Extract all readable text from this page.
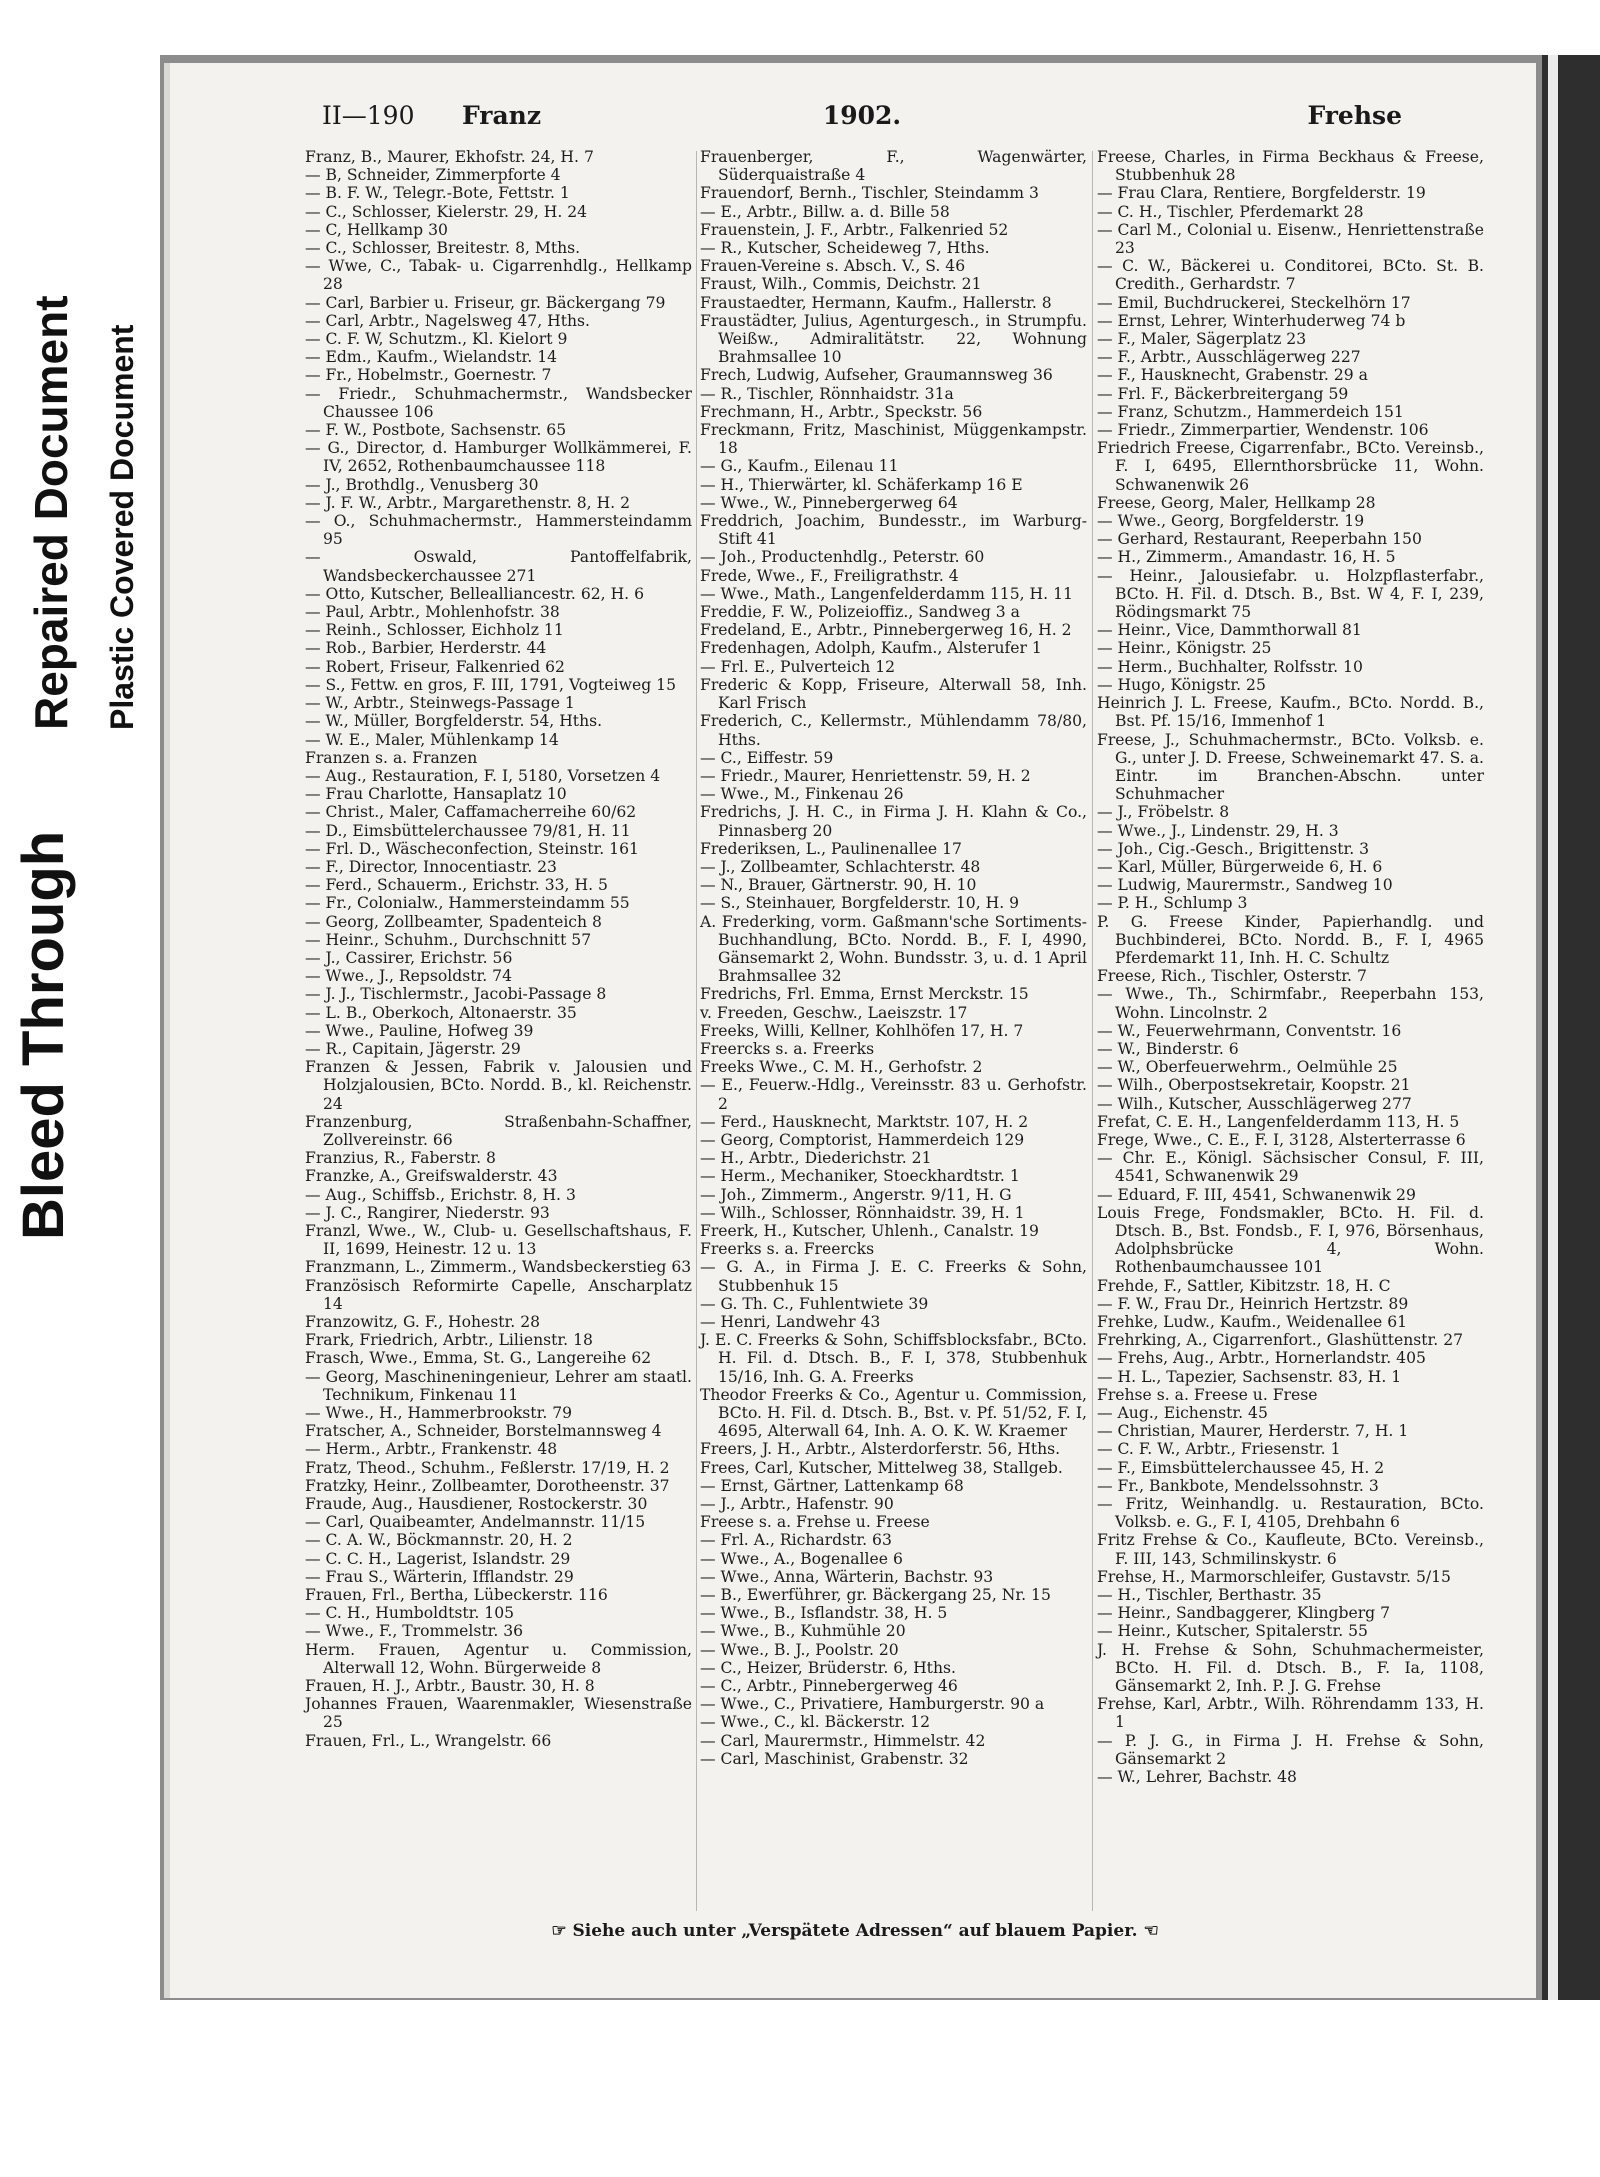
Bleed Through
Repaired Document Plastic Covered Document
II—190 Franz	1902.	Frehse

Franz, B., Maurer, Ekhofstr. 24, H. 7

— B, Schneider, Zimmerpforte 4

— B. F. W., Telegr.-Bote, Fettstr. 1

— C., Schlosser, Kielerstr. 29, H. 24

— C, Hellkamp 30

— C., Schlosser, Breitestr. 8, Mths.

— Wwe, C., Tabak- u. Cigarrenhdlg., Hellkamp 28

— Carl, Barbier u. Friseur, gr. Bäckergang 79

— Carl, Arbtr., Nagelsweg 47, Hths.

— C. F. W, Schutzm., Kl. Kielort 9

— Edm., Kaufm., Wielandstr. 14

— Fr., Hobelmstr., Goernestr. 7

— Friedr., Schuhmachermstr., Wandsbecker Chaussee 106

— F. W., Postbote, Sachsenstr. 65

— G., Director, d. Hamburger Wollkämmerei, F. IV, 2652, Rothenbaumchaussee 118

— J., Brothdlg., Venusberg 30

— J. F. W., Arbtr., Margarethenstr. 8, H. 2

— O., Schuhmachermstr., Hammersteindamm 95

— Oswald, Pantoffelfabrik, Wandsbeckerchaussee 271

— Otto, Kutscher, Bellealliancestr. 62, H. 6

— Paul, Arbtr., Mohlenhofstr. 38

— Reinh., Schlosser, Eichholz 11

— Rob., Barbier, Herderstr. 44

— Robert, Friseur, Falkenried 62

— S., Fettw. en gros, F. III, 1791, Vogteiweg 15

— W., Arbtr., Steinwegs-Passage 1

— W., Müller, Borgfelderstr. 54, Hths.

— W. E., Maler, Mühlenkamp 14

Franzen s. a. Franzen

— Aug., Restauration, F. I, 5180, Vorsetzen 4

— Frau Charlotte, Hansaplatz 10

— Christ., Maler, Caffamacherreihe 60/62

— D., Eimsbüttelerchaussee 79/81, H. 11

— Frl. D., Wäscheconfection, Steinstr. 161

— F., Director, Innocentiastr. 23

— Ferd., Schauerm., Erichstr. 33, H. 5

— Fr., Colonialw., Hammersteindamm 55

— Georg, Zollbeamter, Spadenteich 8

— Heinr., Schuhm., Durchschnitt 57

— J., Cassirer, Erichstr. 56

— Wwe., J., Repsoldstr. 74

— J. J., Tischlermstr., Jacobi-Passage 8

— L. B., Oberkoch, Altonaerstr. 35

— Wwe., Pauline, Hofweg 39

— R., Capitain, Jägerstr. 29

Franzen & Jessen, Fabrik v. Jalousien und Holzjalousien, BCto. Nordd. B., kl. Reichenstr. 24

Franzenburg, Straßenbahn-Schaffner, Zollvereinstr. 66

Franzius, R., Faberstr. 8

Franzke, A., Greifswalderstr. 43

— Aug., Schiffsb., Erichstr. 8, H. 3

— J. C., Rangirer, Niederstr. 93

Franzl, Wwe., W., Club- u. Gesellschaftshaus, F. II, 1699, Heinestr. 12 u. 13

Franzmann, L., Zimmerm., Wandsbeckerstieg 63

Französisch Reformirte Capelle, Anscharplatz 14

Franzowitz, G. F., Hohestr. 28

Frark, Friedrich, Arbtr., Lilienstr. 18

Frasch, Wwe., Emma, St. G., Langereihe 62

— Georg, Maschineningenieur, Lehrer am staatl. Technikum, Finkenau 11

— Wwe., H., Hammerbrookstr. 79

Fratscher, A., Schneider, Borstelmannsweg 4

— Herm., Arbtr., Frankenstr. 48

Fratz, Theod., Schuhm., Feßlerstr. 17/19, H. 2

Fratzky, Heinr., Zollbeamter, Dorotheenstr. 37

Fraude, Aug., Hausdiener, Rostockerstr. 30

— Carl, Quaibeamter, Andelmannstr. 11/15

— C. A. W., Böckmannstr. 20, H. 2

— C. C. H., Lagerist, Islandstr. 29

— Frau S., Wärterin, Ifflandstr. 29

Frauen, Frl., Bertha, Lübeckerstr. 116

— C. H., Humboldtstr. 105

— Wwe., F., Trommelstr. 36

Herm. Frauen, Agentur u. Commission, Alterwall 12, Wohn. Bürgerweide 8

Frauen, H. J., Arbtr., Baustr. 30, H. 8

Johannes Frauen, Waarenmakler, Wiesenstraße 25

Frauen, Frl., L., Wrangelstr. 66

Frauenberger, F., Wagenwärter, Süderquaistraße 4

Frauendorf, Bernh., Tischler, Steindamm 3

— E., Arbtr., Billw. a. d. Bille 58

Frauenstein, J. F., Arbtr., Falkenried 52

— R., Kutscher, Scheideweg 7, Hths.

Frauen-Vereine s. Absch. V., S. 46

Fraust, Wilh., Commis, Deichstr. 21

Fraustaedter, Hermann, Kaufm., Hallerstr. 8

Fraustädter, Julius, Agenturgesch., in Strumpfu. Weißw., Admiralitätstr. 22, Wohnung Brahmsallee 10

Frech, Ludwig, Aufseher, Graumannsweg 36

— R., Tischler, Rönnhaidstr. 31a

Frechmann, H., Arbtr., Speckstr. 56

Freckmann, Fritz, Maschinist, Müggenkampstr. 18

— G., Kaufm., Eilenau 11

— H., Thierwärter, kl. Schäferkamp 16 E

— Wwe., W., Pinnebergerweg 64

Freddrich, Joachim, Bundesstr., im Warburg-Stift 41

— Joh., Productenhdlg., Peterstr. 60

Frede, Wwe., F., Freiligrathstr. 4

— Wwe., Math., Langenfelderdamm 115, H. 11

Freddie, F. W., Polizeioffiz., Sandweg 3 a

Fredeland, E., Arbtr., Pinnebergerweg 16, H. 2

Fredenhagen, Adolph, Kaufm., Alsterufer 1

— Frl. E., Pulverteich 12

Frederic & Kopp, Friseure, Alterwall 58, Inh. Karl Frisch

Frederich, C., Kellermstr., Mühlendamm 78/80, Hths.

— C., Eiffestr. 59

— Friedr., Maurer, Henriettenstr. 59, H. 2

— Wwe., M., Finkenau 26

Fredrichs, J. H. C., in Firma J. H. Klahn & Co., Pinnasberg 20

Frederiksen, L., Paulinenallee 17

— J., Zollbeamter, Schlachterstr. 48

— N., Brauer, Gärtnerstr. 90, H. 10

— S., Steinhauer, Borgfelderstr. 10, H. 9

A. Frederking, vorm. Gaßmann'sche Sortiments-Buchhandlung, BCto. Nordd. B., F. I, 4990, Gänsemarkt 2, Wohn. Bundsstr. 3, u. d. 1 April Brahmsallee 32

Fredrichs, Frl. Emma, Ernst Merckstr. 15

v. Freeden, Geschw., Laeiszstr. 17

Freeks, Willi, Kellner, Kohlhöfen 17, H. 7

Freercks s. a. Freerks

Freeks Wwe., C. M. H., Gerhofstr. 2

— E., Feuerw.-Hdlg., Vereinsstr. 83 u. Gerhofstr. 2

— Ferd., Hausknecht, Marktstr. 107, H. 2

— Georg, Comptorist, Hammerdeich 129

— H., Arbtr., Diederichstr. 21

— Herm., Mechaniker, Stoeckhardtstr. 1

— Joh., Zimmerm., Angerstr. 9/11, H. G

— Wilh., Schlosser, Rönnhaidstr. 39, H. 1

Freerk, H., Kutscher, Uhlenh., Canalstr. 19

Freerks s. a. Freercks

— G. A., in Firma J. E. C. Freerks & Sohn, Stubbenhuk 15

— G. Th. C., Fuhlentwiete 39

— Henri, Landwehr 43

J. E. C. Freerks & Sohn, Schiffsblocksfabr., BCto. H. Fil. d. Dtsch. B., F. I, 378, Stubbenhuk 15/16, Inh. G. A. Freerks

Theodor Freerks & Co., Agentur u. Commission, BCto. H. Fil. d. Dtsch. B., Bst. v. Pf. 51/52, F. I, 4695, Alterwall 64, Inh. A. O. K. W. Kraemer

Freers, J. H., Arbtr., Alsterdorferstr. 56, Hths.

Frees, Carl, Kutscher, Mittelweg 38, Stallgeb.

— Ernst, Gärtner, Lattenkamp 68

— J., Arbtr., Hafenstr. 90

Freese s. a. Frehse u. Freese

— Frl. A., Richardstr. 63

— Wwe., A., Bogenallee 6

— Wwe., Anna, Wärterin, Bachstr. 93

— B., Ewerführer, gr. Bäckergang 25, Nr. 15

— Wwe., B., Isflandstr. 38, H. 5

— Wwe., B., Kuhmühle 20

— Wwe., B. J., Poolstr. 20

— C., Heizer, Brüderstr. 6, Hths.

— C., Arbtr., Pinnebergerweg 46

— Wwe., C., Privatiere, Hamburgerstr. 90 a

— Wwe., C., kl. Bäckerstr. 12

— Carl, Maurermstr., Himmelstr. 42

— Carl, Maschinist, Grabenstr. 32

Freese, Charles, in Firma Beckhaus & Freese, Stubbenhuk 28

— Frau Clara, Rentiere, Borgfelderstr. 19

— C. H., Tischler, Pferdemarkt 28

— Carl M., Colonial u. Eisenw., Henriettenstraße 23

— C. W., Bäckerei u. Conditorei, BCto. St. B. Credith., Gerhardstr. 7

— Emil, Buchdruckerei, Steckelhörn 17

— Ernst, Lehrer, Winterhuderweg 74 b

— F., Maler, Sägerplatz 23

— F., Arbtr., Ausschlägerweg 227

— F., Hausknecht, Grabenstr. 29 a

— Frl. F., Bäckerbreitergang 59

— Franz, Schutzm., Hammerdeich 151

— Friedr., Zimmerpartier, Wendenstr. 106

Friedrich Freese, Cigarrenfabr., BCto. Vereinsb., F. I, 6495, Ellernthorsbrücke 11, Wohn. Schwanenwik 26

Freese, Georg, Maler, Hellkamp 28

— Wwe., Georg, Borgfelderstr. 19

— Gerhard, Restaurant, Reeperbahn 150

— H., Zimmerm., Amandastr. 16, H. 5

— Heinr., Jalousiefabr. u. Holzpflasterfabr., BCto. H. Fil. d. Dtsch. B., Bst. W 4, F. I, 239, Rödingsmarkt 75

— Heinr., Vice, Dammthorwall 81

— Heinr., Königstr. 25

— Herm., Buchhalter, Rolfsstr. 10

— Hugo, Königstr. 25

Heinrich J. L. Freese, Kaufm., BCto. Nordd. B., Bst. Pf. 15/16, Immenhof 1

Freese, J., Schuhmachermstr., BCto. Volksb. e. G., unter J. D. Freese, Schweinemarkt 47. S. a. Eintr. im Branchen-Abschn. unter Schuhmacher

— J., Fröbelstr. 8

— Wwe., J., Lindenstr. 29, H. 3

— Joh., Cig.-Gesch., Brigittenstr. 3

— Karl, Müller, Bürgerweide 6, H. 6

— Ludwig, Maurermstr., Sandweg 10

— P. H., Schlump 3

P. G. Freese Kinder, Papierhandlg. und Buchbinderei, BCto. Nordd. B., F. I, 4965 Pferdemarkt 11, Inh. H. C. Schultz

Freese, Rich., Tischler, Osterstr. 7

— Wwe., Th., Schirmfabr., Reeperbahn 153, Wohn. Lincolnstr. 2

— W., Feuerwehrmann, Conventstr. 16

— W., Binderstr. 6

— W., Oberfeuerwehrm., Oelmühle 25

— Wilh., Oberpostsekretair, Koopstr. 21

— Wilh., Kutscher, Ausschlägerweg 277

Frefat, C. E. H., Langenfelderdamm 113, H. 5

Frege, Wwe., C. E., F. I, 3128, Alsterterrasse 6

— Chr. E., Königl. Sächsischer Consul, F. III, 4541, Schwanenwik 29

— Eduard, F. III, 4541, Schwanenwik 29

Louis Frege, Fondsmakler, BCto. H. Fil. d. Dtsch. B., Bst. Fondsb., F. I, 976, Börsenhaus, Adolphsbrücke 4, Wohn. Rothenbaumchaussee 101

Frehde, F., Sattler, Kibitzstr. 18, H. C

— F. W., Frau Dr., Heinrich Hertzstr. 89

Frehke, Ludw., Kaufm., Weidenallee 61

Frehrking, A., Cigarrenfort., Glashüttenstr. 27

— Frehs, Aug., Arbtr., Hornerlandstr. 405

— H. L., Tapezier, Sachsenstr. 83, H. 1

Frehse s. a. Freese u. Frese

— Aug., Eichenstr. 45

— Christian, Maurer, Herderstr. 7, H. 1

— C. F. W., Arbtr., Friesenstr. 1

— F., Eimsbüttelerchaussee 45, H. 2

— Fr., Bankbote, Mendelssohnstr. 3

— Fritz, Weinhandlg. u. Restauration, BCto. Volksb. e. G., F. I, 4105, Drehbahn 6

Fritz Frehse & Co., Kaufleute, BCto. Vereinsb., F. III, 143, Schmilinskystr. 6

Frehse, H., Marmorschleifer, Gustavstr. 5/15

— H., Tischler, Berthastr. 35

— Heinr., Sandbaggerer, Klingberg 7

— Heinr., Kutscher, Spitalerstr. 55

J. H. Frehse & Sohn, Schuhmachermeister, BCto. H. Fil. d. Dtsch. B., F. Ia, 1108, Gänsemarkt 2, Inh. P. J. G. Frehse

Frehse, Karl, Arbtr., Wilh. Röhrendamm 133, H. 1

— P. J. G., in Firma J. H. Frehse & Sohn, Gänsemarkt 2

— W., Lehrer, Bachstr. 48

☞ Siehe auch unter „Verspätete Adressen“ auf blauem Papier. ☜
